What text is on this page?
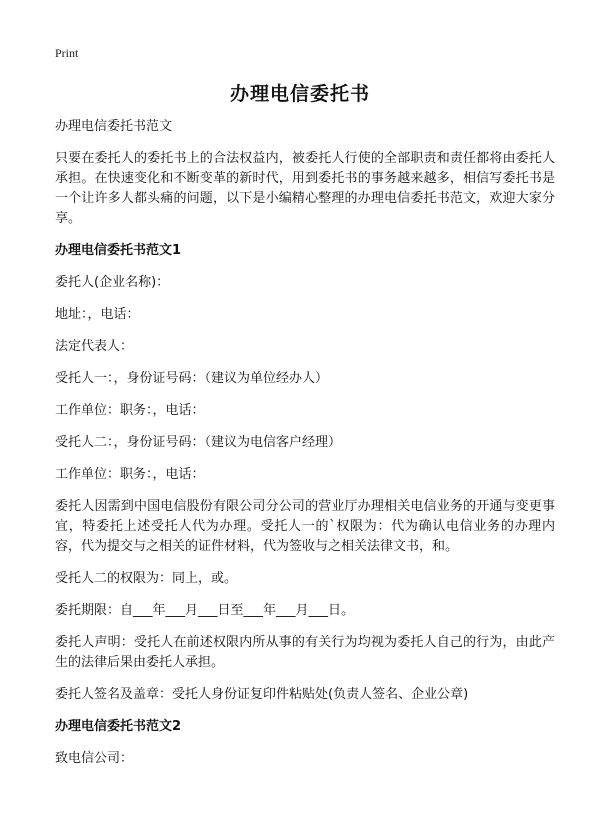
Print
办理电信委托书

办理电信委托书范文

只要在委托人的委托书上的合法权益内，被委托人行使的全部职责和责任都将由委托人承担。在快速变化和不断变革的新时代，用到委托书的事务越来越多，相信写委托书是一个让许多人都头痛的问题，以下是小编精心整理的办理电信委托书范文，欢迎大家分享。

办理电信委托书范文1

委托人(企业名称)：

地址：，电话：

法定代表人：

受托人一：，身份证号码：（建议为单位经办人）

工作单位：职务：，电话：

受托人二：，身份证号码：（建议为电信客户经理）

工作单位：职务：，电话：

委托人因需到中国电信股份有限公司分公司的营业厅办理相关电信业务的开通与变更事宜，特委托上述受托人代为办理。受托人一的`权限为：代为确认电信业务的办理内容，代为提交与之相关的证件材料，代为签收与之相关法律文书，和。

受托人二的权限为：同上，或。

委托期限：自___年___月___日至___年___月___日。

委托人声明：受托人在前述权限内所从事的有关行为均视为委托人自己的行为，由此产生的法律后果由委托人承担。

委托人签名及盖章：受托人身份证复印件粘贴处(负责人签名、企业公章)

办理电信委托书范文2

致电信公司：
